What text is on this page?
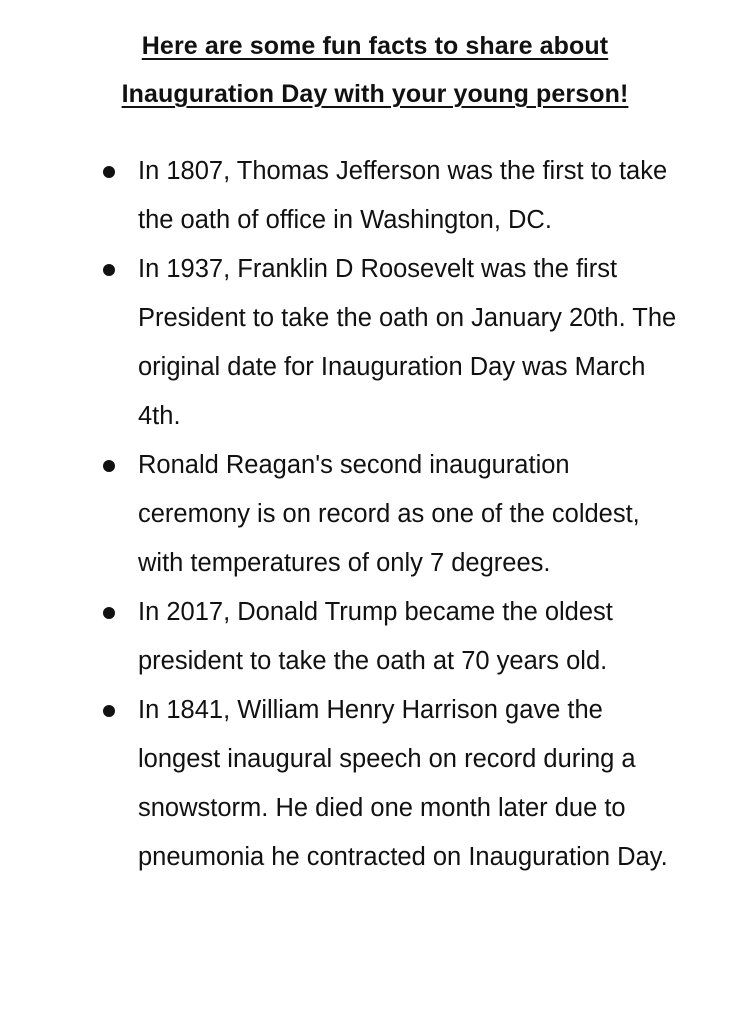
Here are some fun facts to share about
Inauguration Day with your young person!
In 1807, Thomas Jefferson was the first to take the oath of office in Washington, DC.
In 1937, Franklin D Roosevelt was the first President to take the oath on January 20th. The original date for Inauguration Day was March 4th.
Ronald Reagan's second inauguration ceremony is on record as one of the coldest, with temperatures of only 7 degrees.
In 2017, Donald Trump became the oldest president to take the oath at 70 years old.
In 1841, William Henry Harrison gave the longest inaugural speech on record during a snowstorm. He died one month later due to pneumonia he contracted on Inauguration Day.
